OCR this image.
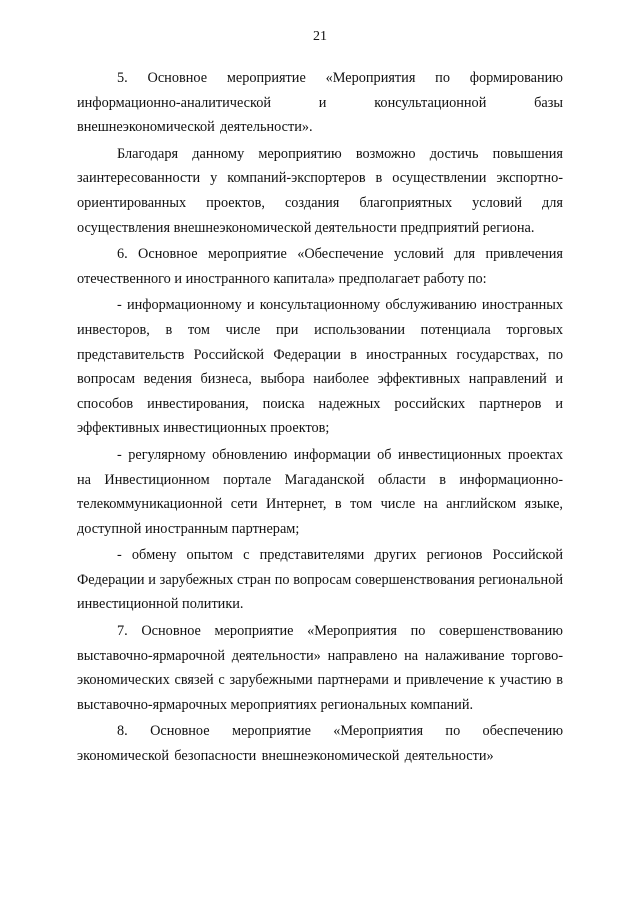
21

5. Основное мероприятие «Мероприятия по формированию информационно-аналитической и консультационной базы внешнеэкономической деятельности».

Благодаря данному мероприятию возможно достичь повышения заинтересованности у компаний-экспортеров в осуществлении экспортно-ориентированных проектов, создания благоприятных условий для осуществления внешнеэкономической деятельности предприятий региона.

6. Основное мероприятие «Обеспечение условий для привлечения отечественного и иностранного капитала» предполагает работу по:

- информационному и консультационному обслуживанию иностранных инвесторов, в том числе при использовании потенциала торговых представительств Российской Федерации в иностранных государствах, по вопросам ведения бизнеса, выбора наиболее эффективных направлений и способов инвестирования, поиска надежных российских партнеров и эффективных инвестиционных проектов;

- регулярному обновлению информации об инвестиционных проектах на Инвестиционном портале Магаданской области в информационно-телекоммуникационной сети Интернет, в том числе на английском языке, доступной иностранным партнерам;

- обмену опытом с представителями других регионов Российской Федерации и зарубежных стран по вопросам совершенствования региональной инвестиционной политики.

7. Основное мероприятие «Мероприятия по совершенствованию выставочно-ярмарочной деятельности» направлено на налаживание торгово-экономических связей с зарубежными партнерами и привлечение к участию в выставочно-ярмарочных мероприятиях региональных компаний.

8. Основное мероприятие «Мероприятия по обеспечению экономической безопасности внешнеэкономической деятельности»
